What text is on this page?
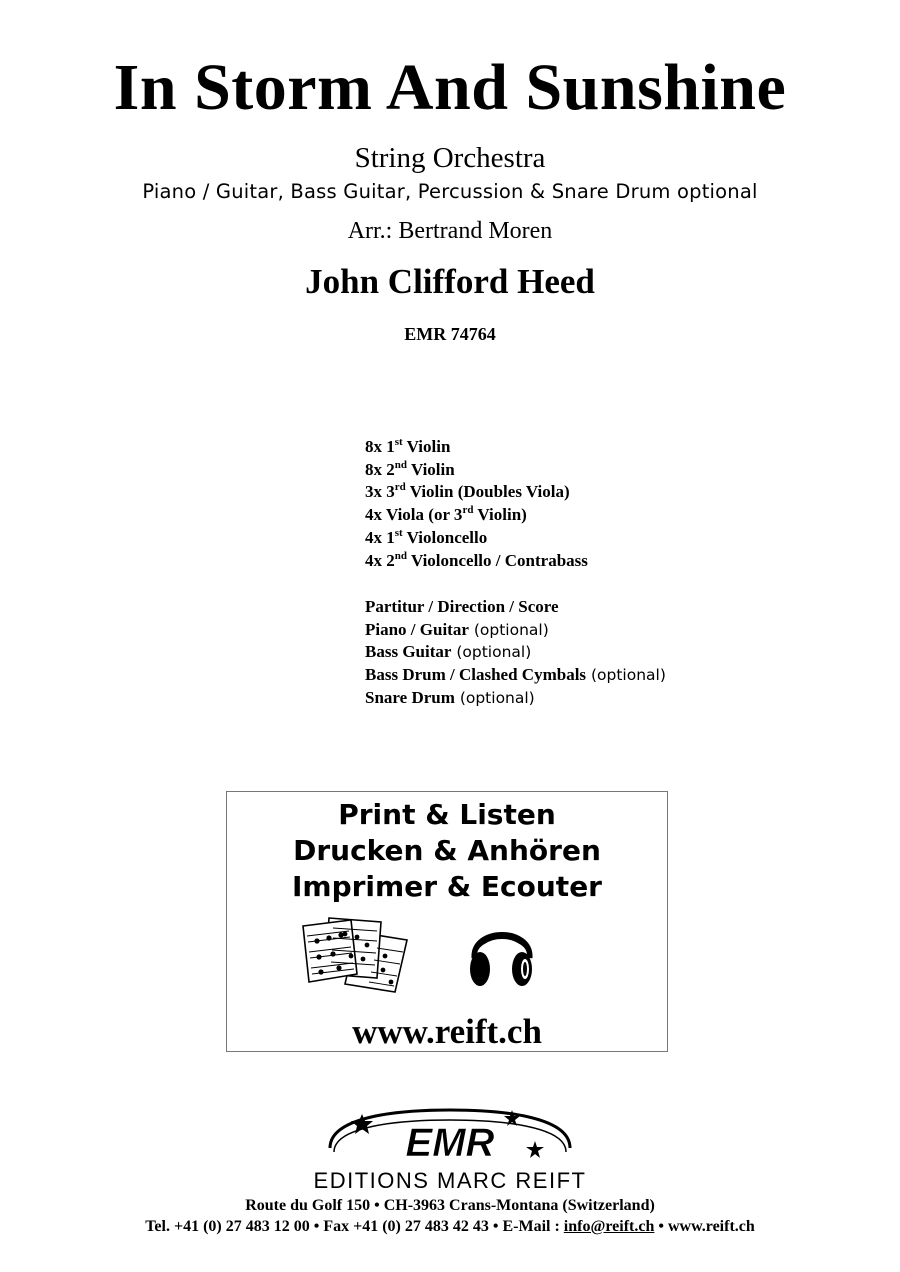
In Storm And Sunshine
String Orchestra
Piano / Guitar, Bass Guitar, Percussion & Snare Drum optional
Arr.: Bertrand Moren
John Clifford Heed
EMR 74764
8x 1st Violin
8x 2nd Violin
3x 3rd Violin (Doubles Viola)
4x Viola (or 3rd Violin)
4x 1st Violoncello
4x 2nd Violoncello / Contrabass
Partitur / Direction / Score
Piano / Guitar (optional)
Bass Guitar (optional)
Bass Drum / Clashed Cymbals (optional)
Snare Drum (optional)
Print & Listen
Drucken & Anhören
Imprimer & Ecouter
www.reift.ch
EMR
EDITIONS MARC REIFT
Route du Golf 150 • CH-3963 Crans-Montana (Switzerland)
Tel. +41 (0) 27 483 12 00 • Fax +41 (0) 27 483 42 43 • E-Mail : info@reift.ch • www.reift.ch
